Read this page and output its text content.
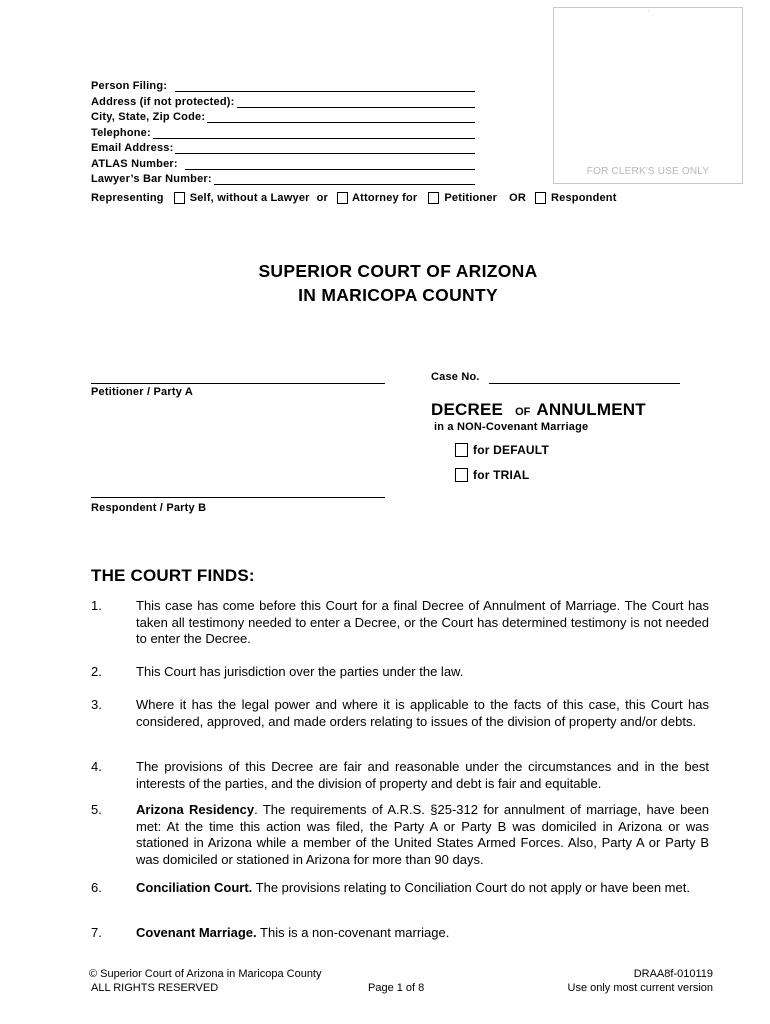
'
FOR CLERK'S USE ONLY
Person Filing:
Address (if not protected):
City, State, Zip Code:
Telephone:
Email Address:
ATLAS Number:
Lawyer’s Bar Number:
Representing Self, without a Lawyer or Attorney for Petitioner OR Respondent
SUPERIOR COURT OF ARIZONA
IN MARICOPA COUNTY
Petitioner / Party A
Respondent / Party B
Case No.
DECREE OF ANNULMENT
in a NON-Covenant Marriage
for DEFAULT
for TRIAL
THE COURT FINDS:
1.	This case has come before this Court for a final Decree of Annulment of Marriage. The Court has taken all testimony needed to enter a Decree, or the Court has determined testimony is not needed to enter the Decree.
2.	This Court has jurisdiction over the parties under the law.
3.	Where it has the legal power and where it is applicable to the facts of this case, this Court has considered, approved, and made orders relating to issues of the division of property and/or debts.
4.	The provisions of this Decree are fair and reasonable under the circumstances and in the best interests of the parties, and the division of property and debt is fair and equitable.
5.	Arizona Residency. The requirements of A.R.S. §25-312 for annulment of marriage, have been met: At the time this action was filed, the Party A or Party B was domiciled in Arizona or was stationed in Arizona while a member of the United States Armed Forces. Also, Party A or Party B was domiciled or stationed in Arizona for more than 90 days.
6.	Conciliation Court. The provisions relating to Conciliation Court do not apply or have been met.
7.	Covenant Marriage. This is a non-covenant marriage.
© Superior Court of Arizona in Maricopa County
ALL RIGHTS RESERVED	Page 1 of 8
DRAA8f-010119
Use only most current version
